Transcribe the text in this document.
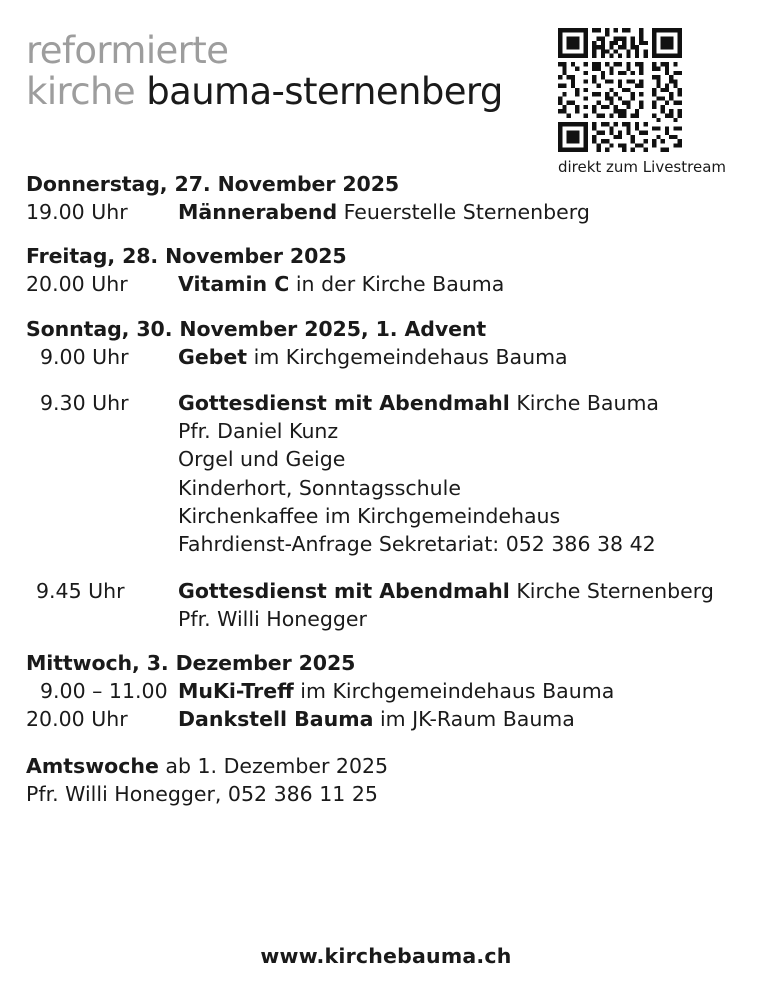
reformierte
kirche bauma-sternenberg
direkt zum Livestream
Donnerstag, 27. November 2025
19.00 Uhr	Männerabend Feuerstelle Sternenberg
Freitag, 28. November 2025
20.00 Uhr	Vitamin C in der Kirche Bauma
Sonntag, 30. November 2025, 1. Advent
9.00 Uhr	Gebet im Kirchgemeindehaus Bauma
9.30 Uhr	Gottesdienst mit Abendmahl Kirche Bauma
Pfr. Daniel Kunz
Orgel und Geige
Kinderhort, Sonntagsschule
Kirchenkaffee im Kirchgemeindehaus
Fahrdienst-Anfrage Sekretariat: 052 386 38 42
9.45 Uhr	Gottesdienst mit Abendmahl Kirche Sternenberg
Pfr. Willi Honegger
Mittwoch, 3. Dezember 2025
9.00 – 11.00 MuKi-Treff im Kirchgemeindehaus Bauma
20.00 Uhr	Dankstell Bauma im JK-Raum Bauma
Amtswoche ab 1. Dezember 2025
Pfr. Willi Honegger, 052 386 11 25
www.kirchebauma.ch
